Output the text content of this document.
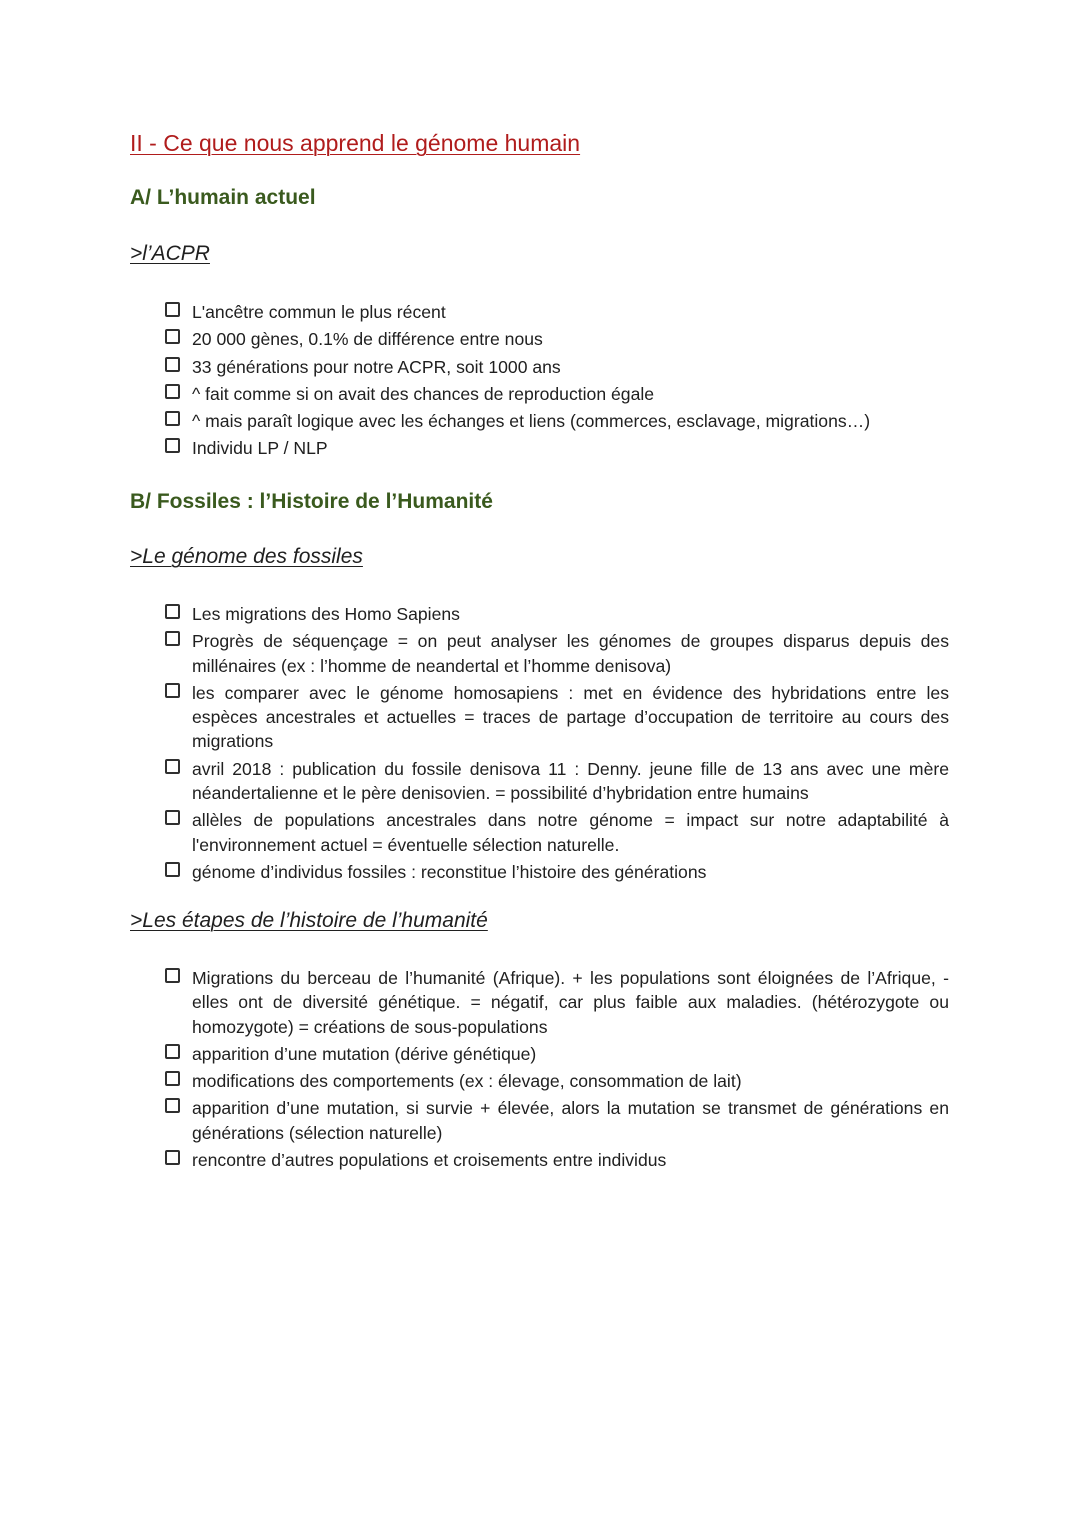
II - Ce que nous apprend le génome humain
A/ L’humain actuel
>l’ACPR
L'ancêtre commun le plus récent
20 000 gènes, 0.1% de différence entre nous
33 générations pour notre ACPR, soit 1000 ans
^ fait comme si on avait des chances de reproduction égale
^ mais paraît logique avec les échanges et liens (commerces, esclavage, migrations…)
Individu LP / NLP
B/ Fossiles : l’Histoire de l’Humanité
>Le génome des fossiles
Les migrations des Homo Sapiens
Progrès de séquençage = on peut analyser les génomes de groupes disparus depuis des millénaires (ex : l’homme de neandertal et l’homme denisova)
les comparer avec le génome homosapiens : met en évidence des hybridations entre les espèces ancestrales et actuelles = traces de partage d’occupation de territoire au cours des migrations
avril 2018 : publication du fossile denisova 11 : Denny. jeune fille de 13 ans avec une mère néandertalienne et le père denisovien. = possibilité d’hybridation entre humains
allèles de populations ancestrales dans notre génome = impact sur notre adaptabilité à l'environnement actuel = éventuelle sélection naturelle.
génome d’individus fossiles : reconstitue l’histoire des générations
>Les étapes de l’histoire de l’humanité
Migrations du berceau de l’humanité (Afrique). + les populations sont éloignées de l’Afrique, - elles ont de diversité génétique. = négatif, car plus faible aux maladies. (hétérozygote ou homozygote) = créations de sous-populations
apparition d’une mutation (dérive génétique)
modifications des comportements (ex : élevage, consommation de lait)
apparition d’une mutation, si survie + élevée, alors la mutation se transmet de générations en générations (sélection naturelle)
rencontre d’autres populations et croisements entre individus
